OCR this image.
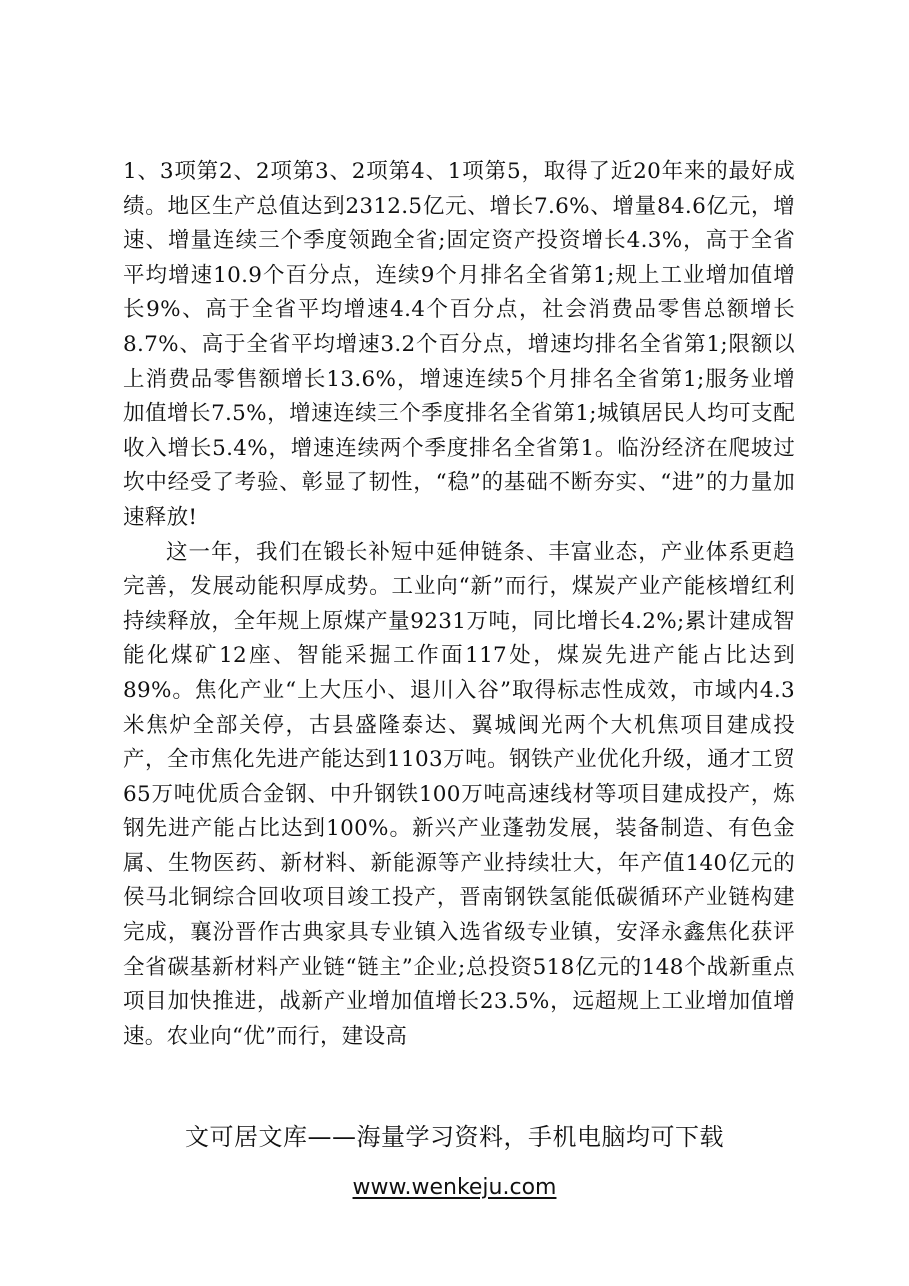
1、3项第2、2项第3、2项第4、1项第5，取得了近20年来的最好成绩。地区生产总值达到2312.5亿元、增长7.6%、增量84.6亿元，增速、增量连续三个季度领跑全省;固定资产投资增长4.3%，高于全省平均增速10.9个百分点，连续9个月排名全省第1;规上工业增加值增长9%、高于全省平均增速4.4个百分点，社会消费品零售总额增长8.7%、高于全省平均增速3.2个百分点，增速均排名全省第1;限额以上消费品零售额增长13.6%，增速连续5个月排名全省第1;服务业增加值增长7.5%，增速连续三个季度排名全省第1;城镇居民人均可支配收入增长5.4%，增速连续两个季度排名全省第1。临汾经济在爬坡过坎中经受了考验、彰显了韧性，“稳”的基础不断夯实、“进”的力量加速释放!

这一年，我们在锻长补短中延伸链条、丰富业态，产业体系更趋完善，发展动能积厚成势。工业向“新”而行，煤炭产业产能核增红利持续释放，全年规上原煤产量9231万吨，同比增长4.2%;累计建成智能化煤矿12座、智能采掘工作面117处，煤炭先进产能占比达到89%。焦化产业“上大压小、退川入谷”取得标志性成效，市域内4.3米焦炉全部关停，古县盛隆泰达、翼城闽光两个大机焦项目建成投产，全市焦化先进产能达到1103万吨。钢铁产业优化升级，通才工贸65万吨优质合金钢、中升钢铁100万吨高速线材等项目建成投产，炼钢先进产能占比达到100%。新兴产业蓬勃发展，装备制造、有色金属、生物医药、新材料、新能源等产业持续壮大，年产值140亿元的侯马北铜综合回收项目竣工投产，晋南钢铁氢能低碳循环产业链构建完成，襄汾晋作古典家具专业镇入选省级专业镇，安泽永鑫焦化获评全省碳基新材料产业链“链主”企业;总投资518亿元的148个战新重点项目加快推进，战新产业增加值增长23.5%，远超规上工业增加值增速。农业向“优”而行，建设高

文可居文库——海量学习资料，手机电脑均可下载
www.wenkeju.com
